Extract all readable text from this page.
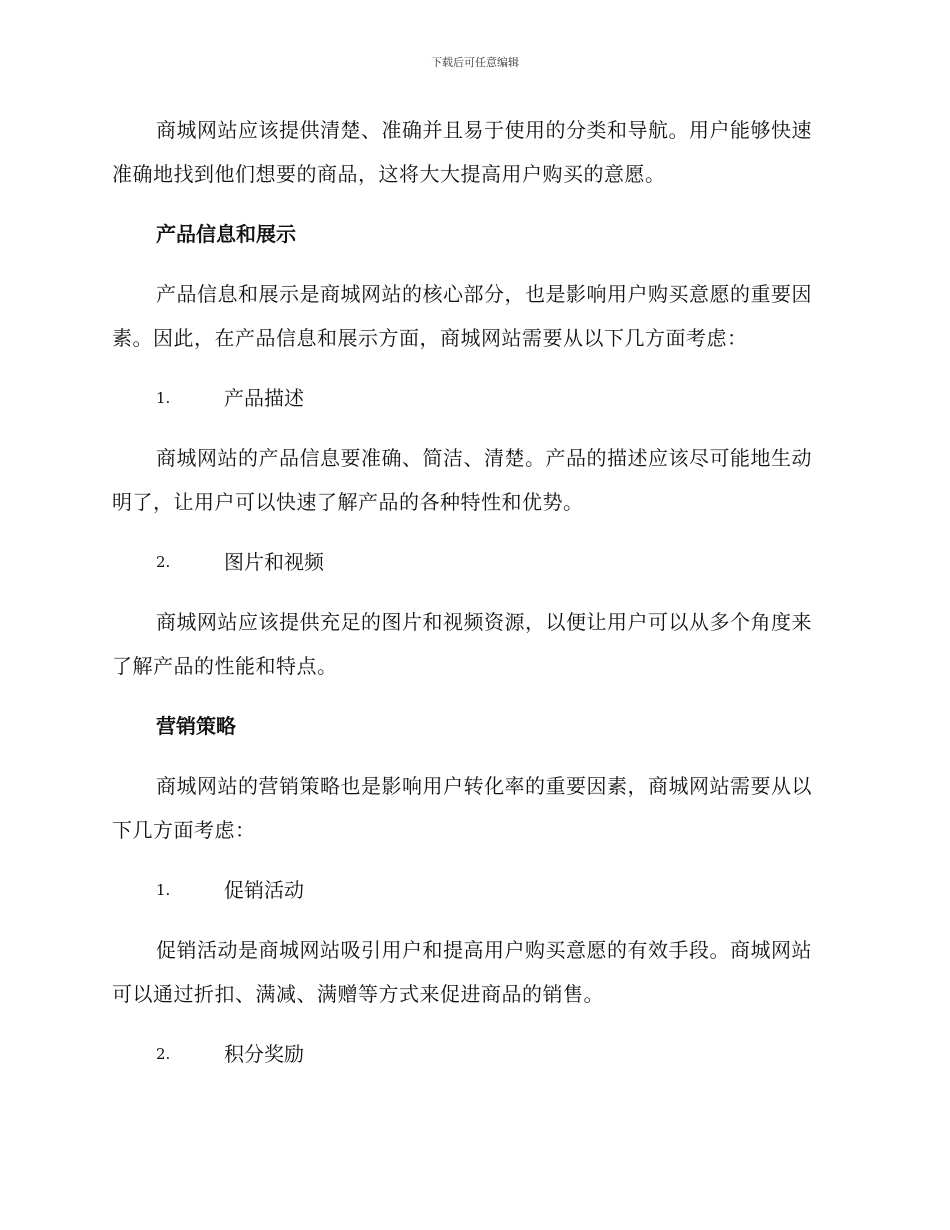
下载后可任意编辑

商城网站应该提供清楚、准确并且易于使用的分类和导航。用户能够快速准确地找到他们想要的商品，这将大大提高用户购买的意愿。

产品信息和展示

产品信息和展示是商城网站的核心部分，也是影响用户购买意愿的重要因素。因此，在产品信息和展示方面，商城网站需要从以下几方面考虑：

1.	产品描述

商城网站的产品信息要准确、简洁、清楚。产品的描述应该尽可能地生动明了，让用户可以快速了解产品的各种特性和优势。

2.	图片和视频

商城网站应该提供充足的图片和视频资源，以便让用户可以从多个角度来了解产品的性能和特点。

营销策略

商城网站的营销策略也是影响用户转化率的重要因素，商城网站需要从以下几方面考虑：

1.	促销活动

促销活动是商城网站吸引用户和提高用户购买意愿的有效手段。商城网站可以通过折扣、满减、满赠等方式来促进商品的销售。

2.	积分奖励
